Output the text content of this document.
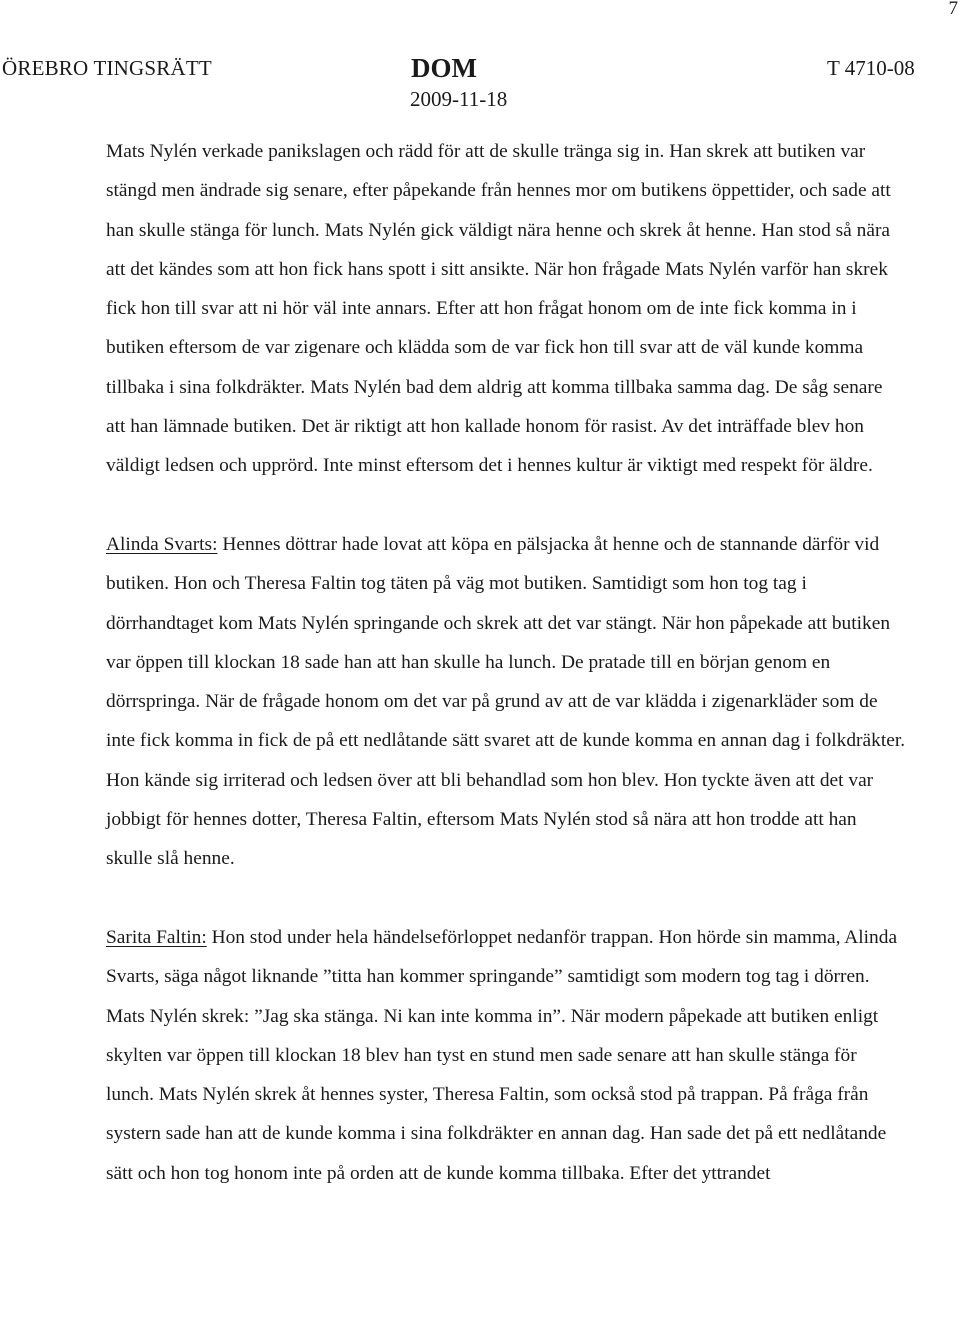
7
ÖREBRO TINGSRÄTT	DOM
2009-11-18
T 4710-08

Mats Nylén verkade panikslagen och rädd för att de skulle tränga sig in. Han skrek att butiken var stängd men ändrade sig senare, efter påpekande från hennes mor om butikens öppettider, och sade att han skulle stänga för lunch. Mats Nylén gick väldigt nära henne och skrek åt henne. Han stod så nära att det kändes som att hon fick hans spott i sitt ansikte. När hon frågade Mats Nylén varför han skrek fick hon till svar att ni hör väl inte annars. Efter att hon frågat honom om de inte fick komma in i butiken eftersom de var zigenare och klädda som de var fick hon till svar att de väl kunde komma tillbaka i sina folkdräkter. Mats Nylén bad dem aldrig att komma tillbaka samma dag. De såg senare att han lämnade butiken. Det är riktigt att hon kallade honom för rasist. Av det inträffade blev hon väldigt ledsen och upprörd. Inte minst eftersom det i hennes kultur är viktigt med respekt för äldre.

Alinda Svarts: Hennes döttrar hade lovat att köpa en pälsjacka åt henne och de stannande därför vid butiken. Hon och Theresa Faltin tog täten på väg mot butiken. Samtidigt som hon tog tag i dörrhandtaget kom Mats Nylén springande och skrek att det var stängt. När hon påpekade att butiken var öppen till klockan 18 sade han att han skulle ha lunch. De pratade till en början genom en dörrspringa. När de frågade honom om det var på grund av att de var klädda i zigenarkläder som de inte fick komma in fick de på ett nedlåtande sätt svaret att de kunde komma en annan dag i folkdräkter. Hon kände sig irriterad och ledsen över att bli behandlad som hon blev. Hon tyckte även att det var jobbigt för hennes dotter, Theresa Faltin, eftersom Mats Nylén stod så nära att hon trodde att han skulle slå henne.

Sarita Faltin: Hon stod under hela händelseförloppet nedanför trappan. Hon hörde sin mamma, Alinda Svarts, säga något liknande ”titta han kommer springande” samtidigt som modern tog tag i dörren. Mats Nylén skrek: ”Jag ska stänga. Ni kan inte komma in”. När modern påpekade att butiken enligt skylten var öppen till klockan 18 blev han tyst en stund men sade senare att han skulle stänga för lunch. Mats Nylén skrek åt hennes syster, Theresa Faltin, som också stod på trappan. På fråga från systern sade han att de kunde komma i sina folkdräkter en annan dag. Han sade det på ett nedlåtande sätt och hon tog honom inte på orden att de kunde komma tillbaka. Efter det yttrandet
